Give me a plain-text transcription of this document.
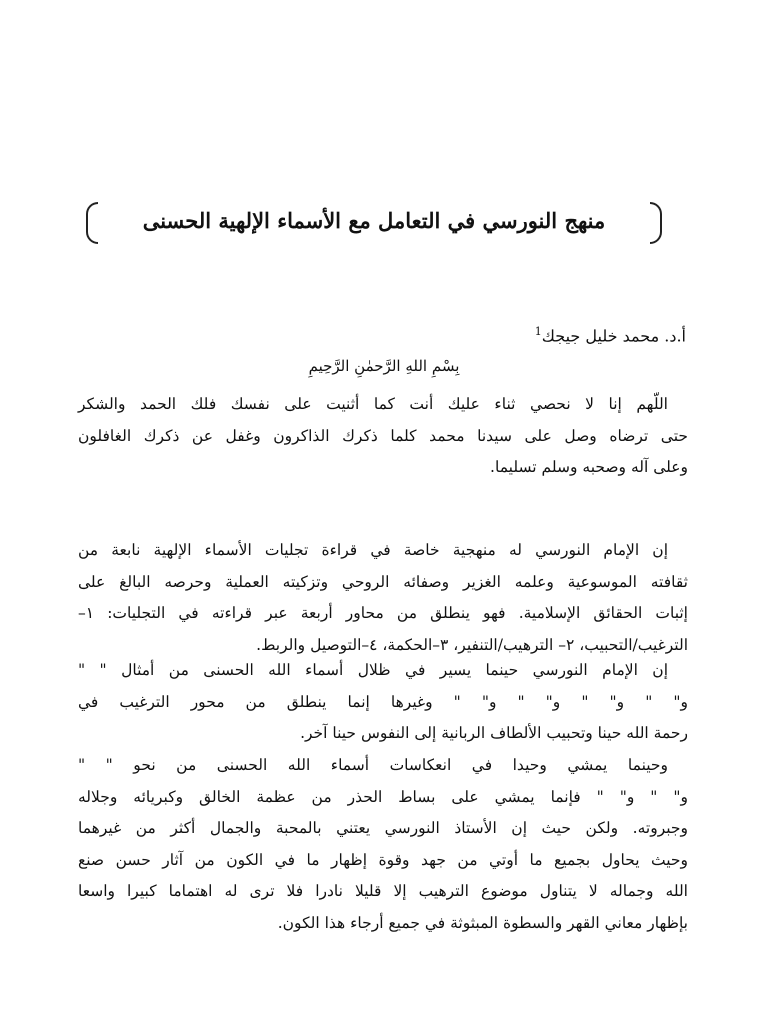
منهج النورسي في التعامل مع الأسماء الإلهية الحسنى
أ.د. محمد خليل جيجك$^1$
بِسْمِ اللهِ الرَّحمٰنِ الرَّحِيمِ
اللّهم إنا لا نحصي ثناء عليك أنت كما أثنيت على نفسك فلك الحمد والشكر
حتى ترضاه وصل على سيدنا محمد كلما ذكرك الذاكرون وغفل عن ذكرك الغافلون
وعلى آله وصحبه وسلم تسليما.
إن الإمام النورسي له منهجية خاصة في قراءة تجليات الأسماء الإلهية نابعة من
ثقافته الموسوعية وعلمه الغزير وصفائه الروحي وتزكيته العملية وحرصه البالغ على
إثبات الحقائق الإسلامية. فهو ينطلق من محاور أربعة عبر قراءته في التجليات: ١–
الترغيب/التحبيب، ٢– الترهيب/التنفير، ٣–الحكمة، ٤–التوصيل والربط.
إن الإمام النورسي حينما يسير في ظلال أسماء الله الحسنى من أمثال " "
و" " و" " و" " و" " وغيرها إنما ينطلق من محور الترغيب في
رحمة الله حينا وتحبيب الألطاف الربانية إلى النفوس حينا آخر.
وحينما يمشي وحيدا في انعكاسات أسماء الله الحسنى من نحو " "
و" " و" " فإنما يمشي على بساط الحذر من عظمة الخالق وكبريائه وجلاله
وجبروته. ولكن حيث إن الأستاذ النورسي يعتني بالمحبة والجمال أكثر من غيرهما
وحيث يحاول بجميع ما أوتي من جهد وقوة إظهار ما في الكون من آثار حسن صنع
الله وجماله لا يتناول موضوع الترهيب إلا قليلا نادرا فلا ترى له اهتماما كبيرا واسعا
بإظهار معاني القهر والسطوة المبثوثة في جميع أرجاء هذا الكون.
